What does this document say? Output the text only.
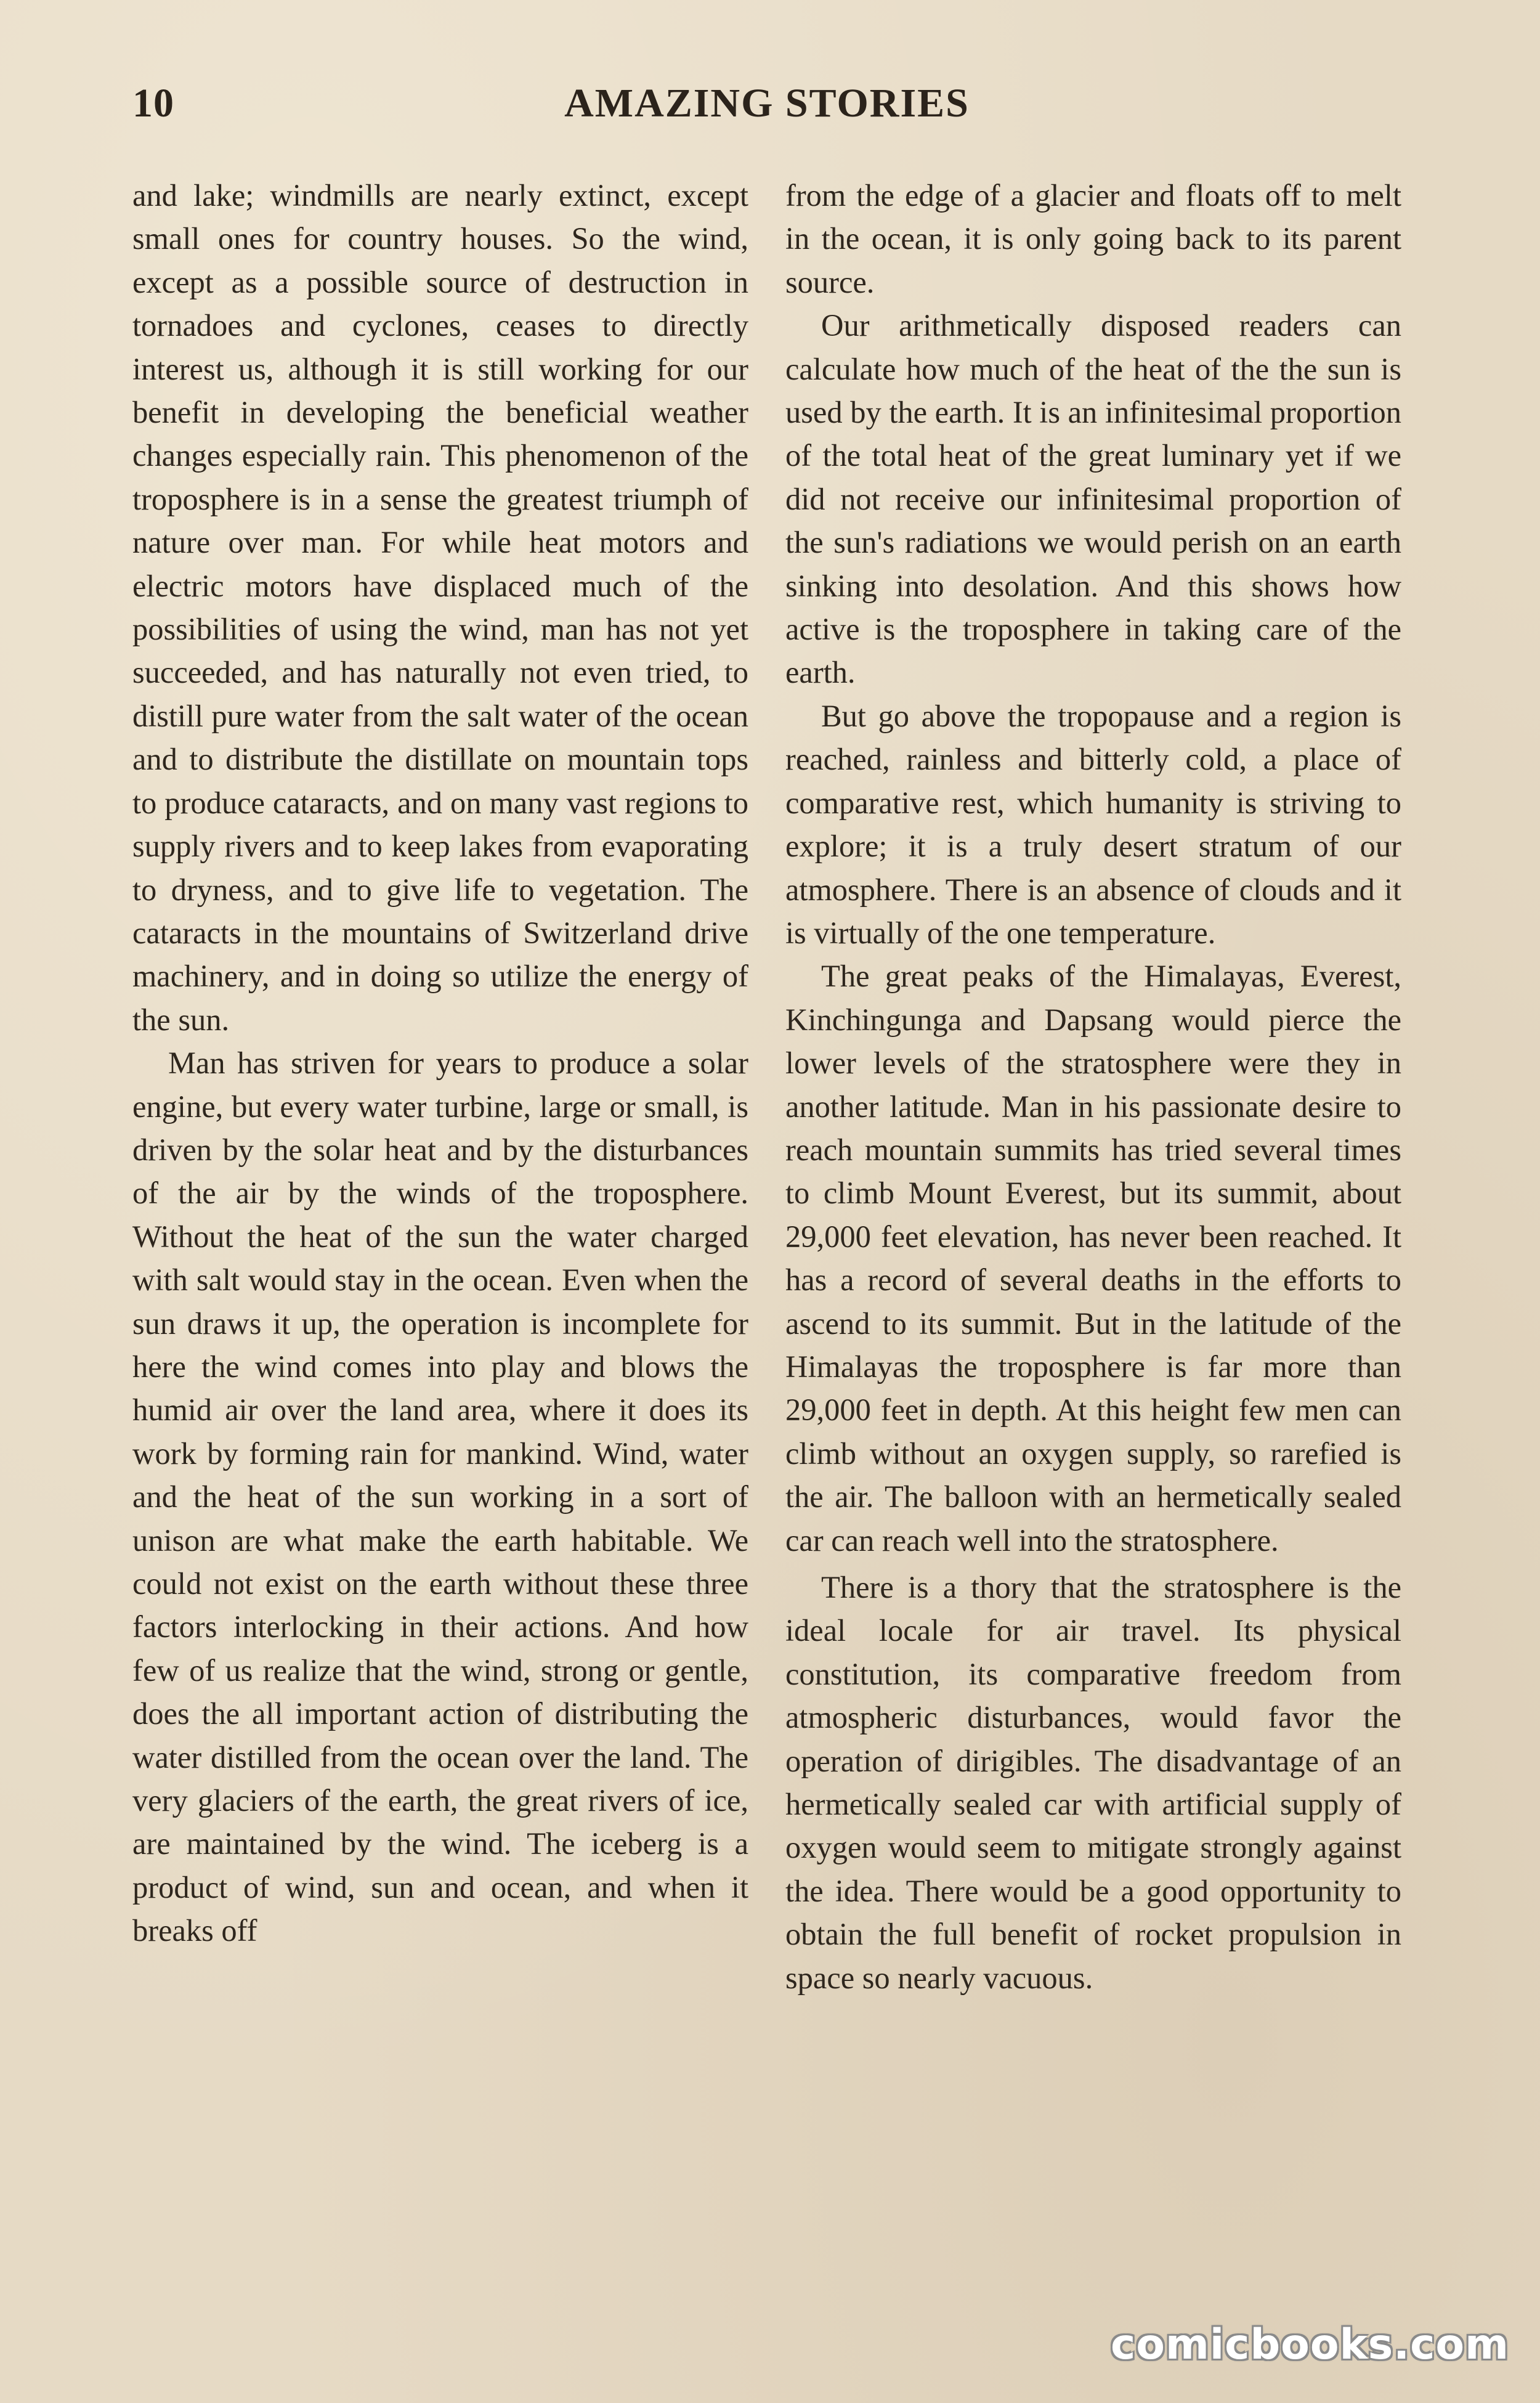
AMAZING STORIES
10

and lake; windmills are nearly extinct, except small ones for country houses. So the wind, except as a possible source of destruction in tornadoes and cyclones, ceases to directly interest us, although it is still working for our benefit in developing the beneficial weather changes especially rain. This phenomenon of the troposphere is in a sense the greatest triumph of nature over man. For while heat motors and electric motors have displaced much of the possibilities of using the wind, man has not yet succeeded, and has naturally not even tried, to distill pure water from the salt water of the ocean and to distribute the distillate on mountain tops to produce cataracts, and on many vast regions to supply rivers and to keep lakes from evaporating to dryness, and to give life to vegetation. The cataracts in the mountains of Switzerland drive machinery, and in doing so utilize the energy of the sun.

Man has striven for years to produce a solar engine, but every water turbine, large or small, is driven by the solar heat and by the disturbances of the air by the winds of the troposphere. Without the heat of the sun the water charged with salt would stay in the ocean. Even when the sun draws it up, the operation is incomplete for here the wind comes into play and blows the humid air over the land area, where it does its work by forming rain for mankind. Wind, water and the heat of the sun working in a sort of unison are what make the earth habitable. We could not exist on the earth without these three factors interlocking in their actions. And how few of us realize that the wind, strong or gentle, does the all important action of distributing the water distilled from the ocean over the land. The very glaciers of the earth, the great rivers of ice, are maintained by the wind. The iceberg is a product of wind, sun and ocean, and when it breaks off

from the edge of a glacier and floats off to melt in the ocean, it is only going back to its parent source.

Our arithmetically disposed readers can calculate how much of the heat of the the sun is used by the earth. It is an infinitesimal proportion of the total heat of the great luminary yet if we did not receive our infinitesimal proportion of the sun's radiations we would perish on an earth sinking into desolation. And this shows how active is the troposphere in taking care of the earth.

But go above the tropopause and a region is reached, rainless and bitterly cold, a place of comparative rest, which humanity is striving to explore; it is a truly desert stratum of our atmosphere. There is an absence of clouds and it is virtually of the one temperature.

The great peaks of the Himalayas, Everest, Kinchingunga and Dapsang would pierce the lower levels of the stratosphere were they in another latitude. Man in his passionate desire to reach mountain summits has tried several times to climb Mount Everest, but its summit, about 29,000 feet elevation, has never been reached. It has a record of several deaths in the efforts to ascend to its summit. But in the latitude of the Himalayas the troposphere is far more than 29,000 feet in depth. At this height few men can climb without an oxygen supply, so rarefied is the air. The balloon with an hermetically sealed car can reach well into the stratosphere.

There is a thory that the stratosphere is the ideal locale for air travel. Its physical constitution, its comparative freedom from atmospheric disturbances, would favor the operation of dirigibles. The disadvantage of an hermetically sealed car with artificial supply of oxygen would seem to mitigate strongly against the idea. There would be a good opportunity to obtain the full benefit of rocket propulsion in space so nearly vacuous.

comicbooks.com
